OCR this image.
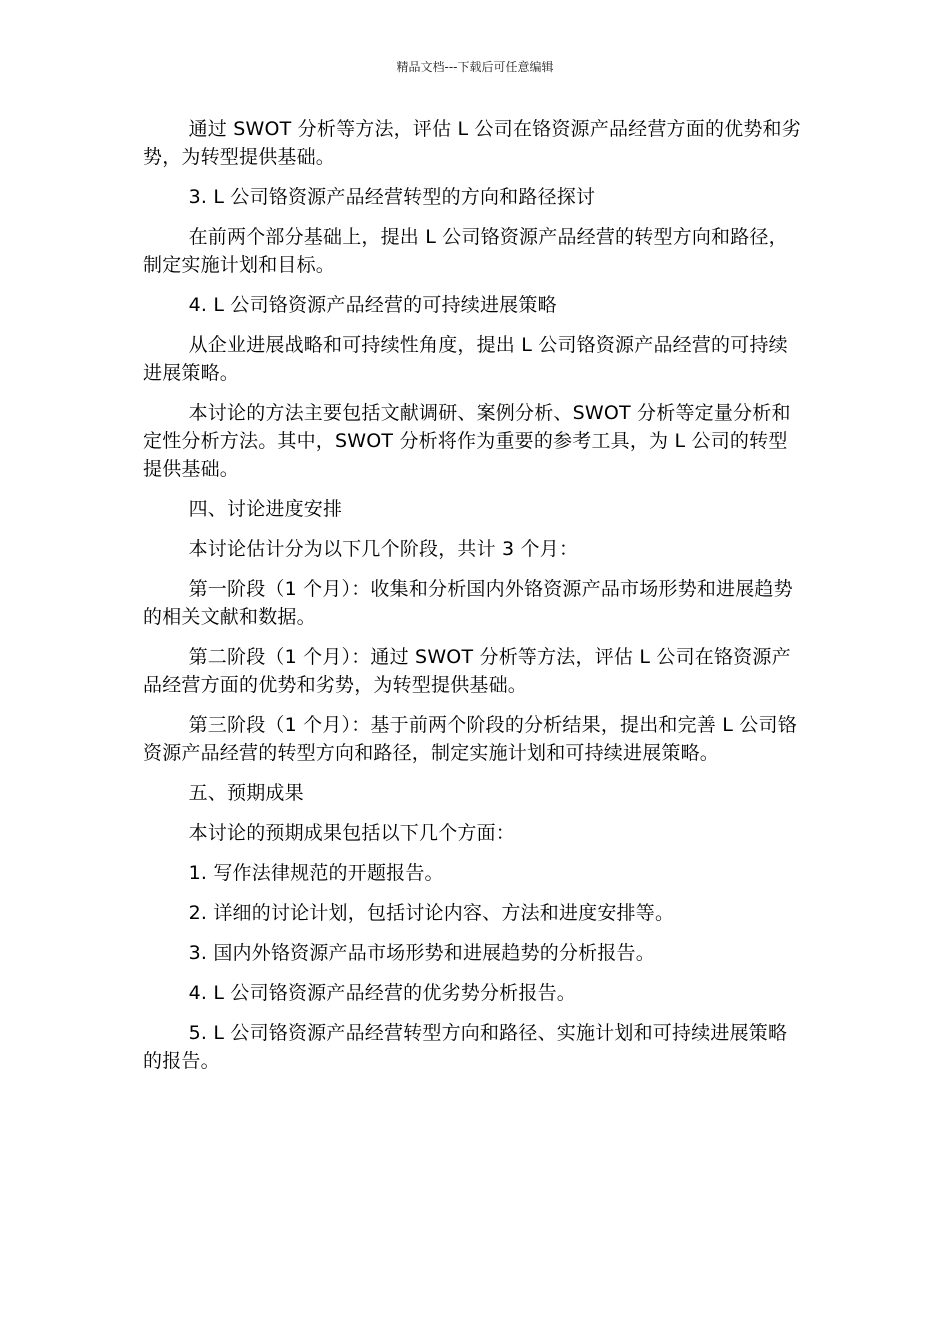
精品文档---下载后可任意编辑

通过 SWOT 分析等方法，评估 L 公司在铬资源产品经营方面的优势和劣势，为转型提供基础。

3. L 公司铬资源产品经营转型的方向和路径探讨

在前两个部分基础上，提出 L 公司铬资源产品经营的转型方向和路径，制定实施计划和目标。

4. L 公司铬资源产品经营的可持续进展策略

从企业进展战略和可持续性角度，提出 L 公司铬资源产品经营的可持续进展策略。

本讨论的方法主要包括文献调研、案例分析、SWOT 分析等定量分析和定性分析方法。其中，SWOT 分析将作为重要的参考工具，为 L 公司的转型提供基础。

四、讨论进度安排

本讨论估计分为以下几个阶段，共计 3 个月：

第一阶段（1 个月）：收集和分析国内外铬资源产品市场形势和进展趋势的相关文献和数据。

第二阶段（1 个月）：通过 SWOT 分析等方法，评估 L 公司在铬资源产品经营方面的优势和劣势，为转型提供基础。

第三阶段（1 个月）：基于前两个阶段的分析结果，提出和完善 L 公司铬资源产品经营的转型方向和路径，制定实施计划和可持续进展策略。

五、预期成果

本讨论的预期成果包括以下几个方面：

1. 写作法律规范的开题报告。

2. 详细的讨论计划，包括讨论内容、方法和进度安排等。

3. 国内外铬资源产品市场形势和进展趋势的分析报告。

4. L 公司铬资源产品经营的优劣势分析报告。

5. L 公司铬资源产品经营转型方向和路径、实施计划和可持续进展策略的报告。
